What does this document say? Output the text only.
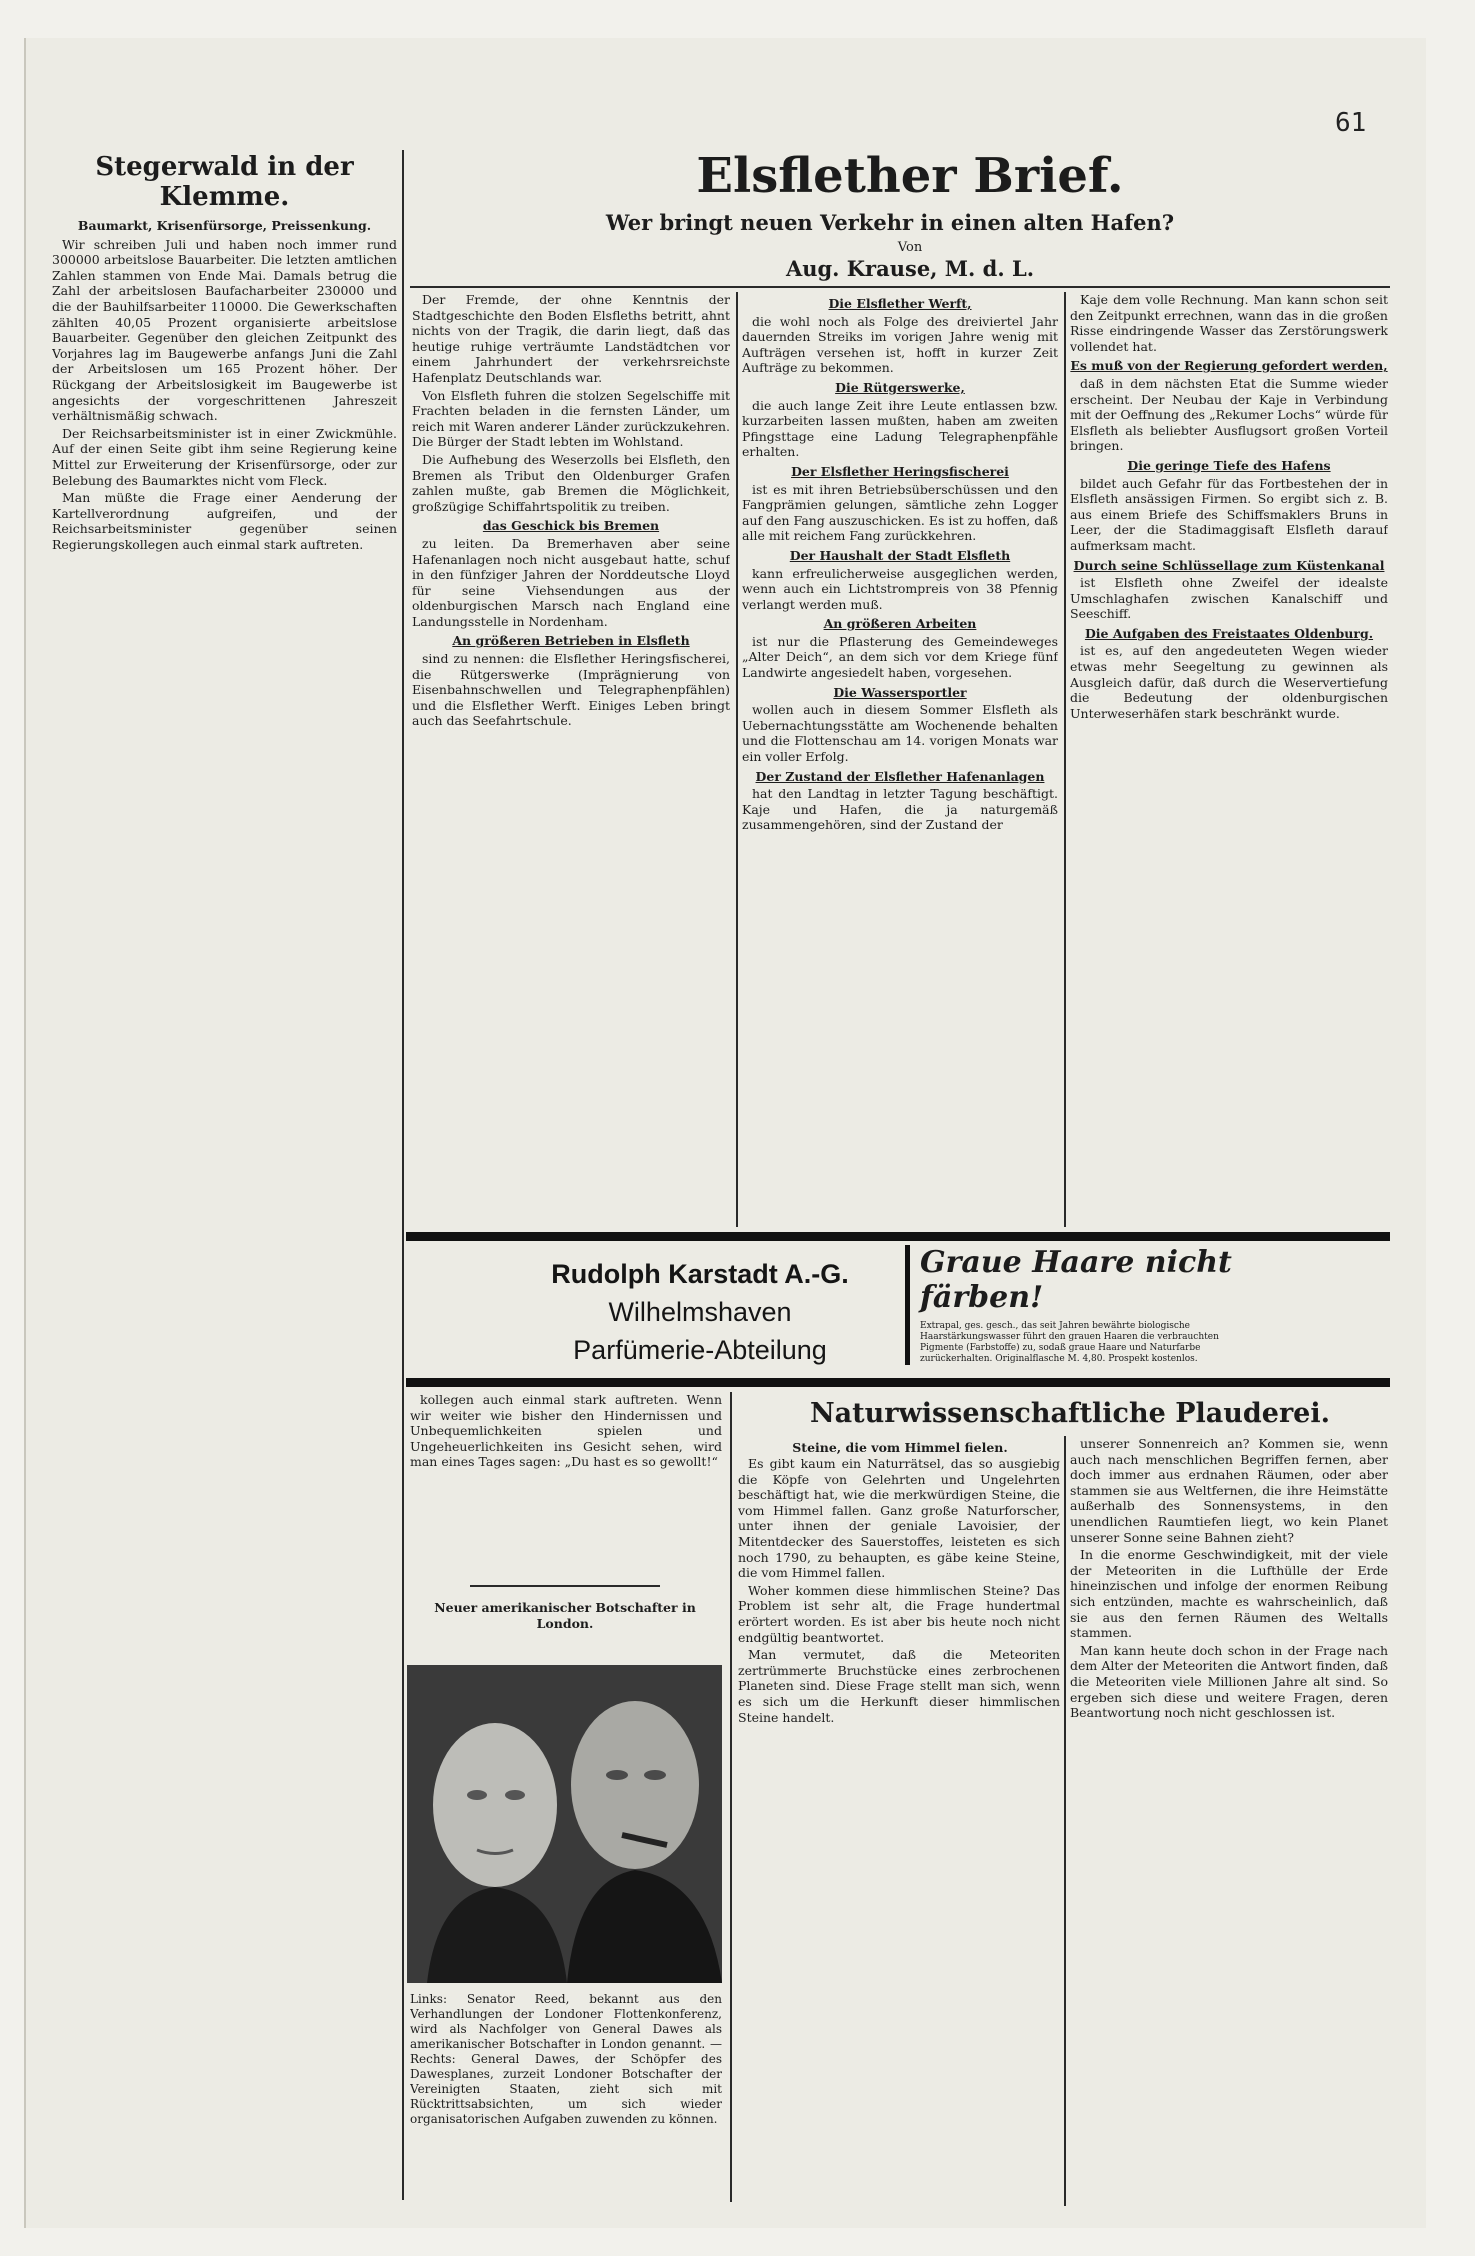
61
Stegerwald in der Klemme.
Baumarkt, Krisenfürsorge, Preissenkung.

Wir schreiben Juli und haben noch immer rund 300000 arbeitslose Bauarbeiter. Die letzten amtlichen Zahlen stammen von Ende Mai. Damals betrug die Zahl der arbeitslosen Baufacharbeiter 230000 und die der Bauhilfsarbeiter 110000. Die Gewerkschaften zählten 40,05 Prozent organisierte arbeitslose Bauarbeiter. Gegenüber den gleichen Zeitpunkt des Vorjahres lag im Baugewerbe anfangs Juni die Zahl der Arbeitslosen um 165 Prozent höher. Der Rückgang der Arbeitslosigkeit im Baugewerbe ist angesichts der vorgeschrittenen Jahreszeit verhältnismäßig schwach.

Der Reichsarbeitsminister ist in einer Zwickmühle. Auf der einen Seite gibt ihm seine Regierung keine Mittel zur Erweiterung der Krisenfürsorge, oder zur Belebung des Baumarktes nicht vom Fleck.

Man müßte die Frage einer Aenderung der Kartellverordnung aufgreifen, und der Reichsarbeitsminister gegenüber seinen Regierungskollegen auch einmal stark auftreten.

Elsflether Brief.
Wer bringt neuen Verkehr in einen alten Hafen?
Von
Aug. Krause, M. d. L.

Der Fremde, der ohne Kenntnis der Stadtgeschichte den Boden Elsfleths betritt, ahnt nichts von der Tragik, die darin liegt, daß das heutige ruhige verträumte Landstädtchen vor einem Jahrhundert der verkehrsreichste Hafenplatz Deutschlands war.

Von Elsfleth fuhren die stolzen Segelschiffe mit Frachten beladen in die fernsten Länder, um reich mit Waren anderer Länder zurückzukehren. Die Bürger der Stadt lebten im Wohlstand.

Die Aufhebung des Weserzolls bei Elsfleth, den Bremen als Tribut den Oldenburger Grafen zahlen mußte, gab Bremen die Möglichkeit, großzügige Schiffahrtspolitik zu treiben.

das Geschick bis Bremen

zu leiten. Da Bremerhaven aber seine Hafenanlagen noch nicht ausgebaut hatte, schuf in den fünfziger Jahren der Norddeutsche Lloyd für seine Viehsendungen aus der oldenburgischen Marsch nach England eine Landungsstelle in Nordenham.

An größeren Betrieben in Elsfleth

sind zu nennen: die Elsflether Heringsfischerei, die Rütgerswerke (Imprägnierung von Eisenbahnschwellen und Telegraphenpfählen) und die Elsflether Werft. Einiges Leben bringt auch das Seefahrtschule.

Die Elsflether Werft,

die wohl noch als Folge des dreiviertel Jahr dauernden Streiks im vorigen Jahre wenig mit Aufträgen versehen ist, hofft in kurzer Zeit Aufträge zu bekommen.

Die Rütgerswerke,

die auch lange Zeit ihre Leute entlassen bzw. kurzarbeiten lassen mußten, haben am zweiten Pfingsttage eine Ladung Telegraphenpfähle erhalten.

Der Elsflether Heringsfischerei

ist es mit ihren Betriebsüberschüssen und den Fangprämien gelungen, sämtliche zehn Logger auf den Fang auszuschicken. Es ist zu hoffen, daß alle mit reichem Fang zurückkehren.

Der Haushalt der Stadt Elsfleth

kann erfreulicherweise ausgeglichen werden, wenn auch ein Lichtstrompreis von 38 Pfennig verlangt werden muß.

An größeren Arbeiten

ist nur die Pflasterung des Gemeindeweges „Alter Deich“, an dem sich vor dem Kriege fünf Landwirte angesiedelt haben, vorgesehen.

Die Wassersportler

wollen auch in diesem Sommer Elsfleth als Uebernachtungsstätte am Wochenende behalten und die Flottenschau am 14. vorigen Monats war ein voller Erfolg.

Der Zustand der Elsflether Hafenanlagen

hat den Landtag in letzter Tagung beschäftigt. Kaje und Hafen, die ja naturgemäß zusammengehören, sind der Zustand der

Kaje dem volle Rechnung. Man kann schon seit den Zeitpunkt errechnen, wann das in die großen Risse eindringende Wasser das Zerstörungswerk vollendet hat.

Es muß von der Regierung gefordert werden,

daß in dem nächsten Etat die Summe wieder erscheint. Der Neubau der Kaje in Verbindung mit der Oeffnung des „Rekumer Lochs“ würde für Elsfleth als beliebter Ausflugsort großen Vorteil bringen.

Die geringe Tiefe des Hafens

bildet auch Gefahr für das Fortbestehen der in Elsfleth ansässigen Firmen. So ergibt sich z. B. aus einem Briefe des Schiffsmaklers Bruns in Leer, der die Stadimaggisaft Elsfleth darauf aufmerksam macht.

Durch seine Schlüssellage zum Küstenkanal

ist Elsfleth ohne Zweifel der idealste Umschlaghafen zwischen Kanalschiff und Seeschiff.

Die Aufgaben des Freistaates Oldenburg.

ist es, auf den angedeuteten Wegen wieder etwas mehr Seegeltung zu gewinnen als Ausgleich dafür, daß durch die Weservertiefung die Bedeutung der oldenburgischen Unterweserhäfen stark beschränkt wurde.

Rudolph Karstadt A.-G.
Wilhelmshaven
Parfümerie-Abteilung
Graue Haare nicht färben!
Extrapal, ges. gesch., das seit Jahren bewährte biologische Haarstärkungswasser führt den grauen Haaren die verbrauchten Pigmente (Farbstoffe) zu, sodaß graue Haare und Naturfarbe zurückerhalten. Originalflasche M. 4,80. Prospekt kostenlos.

kollegen auch einmal stark auftreten. Wenn wir weiter wie bisher den Hindernissen und Unbequemlichkeiten spielen und Ungeheuerlichkeiten ins Gesicht sehen, wird man eines Tages sagen: „Du hast es so gewollt!“

Neuer amerikanischer Botschafter in London.
Links: Senator Reed, bekannt aus den Verhandlungen der Londoner Flottenkonferenz, wird als Nachfolger von General Dawes als amerikanischer Botschafter in London genannt. — Rechts: General Dawes, der Schöpfer des Dawesplanes, zurzeit Londoner Botschafter der Vereinigten Staaten, zieht sich mit Rücktrittsabsichten, um sich wieder organisatorischen Aufgaben zuwenden zu können.
Naturwissenschaftliche Plauderei.
Steine, die vom Himmel fielen.

Es gibt kaum ein Naturrätsel, das so ausgiebig die Köpfe von Gelehrten und Ungelehrten beschäftigt hat, wie die merkwürdigen Steine, die vom Himmel fallen. Ganz große Naturforscher, unter ihnen der geniale Lavoisier, der Mitentdecker des Sauerstoffes, leisteten es sich noch 1790, zu behaupten, es gäbe keine Steine, die vom Himmel fallen.

Woher kommen diese himmlischen Steine? Das Problem ist sehr alt, die Frage hundertmal erörtert worden. Es ist aber bis heute noch nicht endgültig beantwortet.

Man vermutet, daß die Meteoriten zertrümmerte Bruchstücke eines zerbrochenen Planeten sind. Diese Frage stellt man sich, wenn es sich um die Herkunft dieser himmlischen Steine handelt.

unserer Sonnenreich an? Kommen sie, wenn auch nach menschlichen Begriffen fernen, aber doch immer aus erdnahen Räumen, oder aber stammen sie aus Weltfernen, die ihre Heimstätte außerhalb des Sonnensystems, in den unendlichen Raumtiefen liegt, wo kein Planet unserer Sonne seine Bahnen zieht?

In die enorme Geschwindigkeit, mit der viele der Meteoriten in die Lufthülle der Erde hineinzischen und infolge der enormen Reibung sich entzünden, machte es wahrscheinlich, daß sie aus den fernen Räumen des Weltalls stammen.

Man kann heute doch schon in der Frage nach dem Alter der Meteoriten die Antwort finden, daß die Meteoriten viele Millionen Jahre alt sind. So ergeben sich diese und weitere Fragen, deren Beantwortung noch nicht geschlossen ist.
